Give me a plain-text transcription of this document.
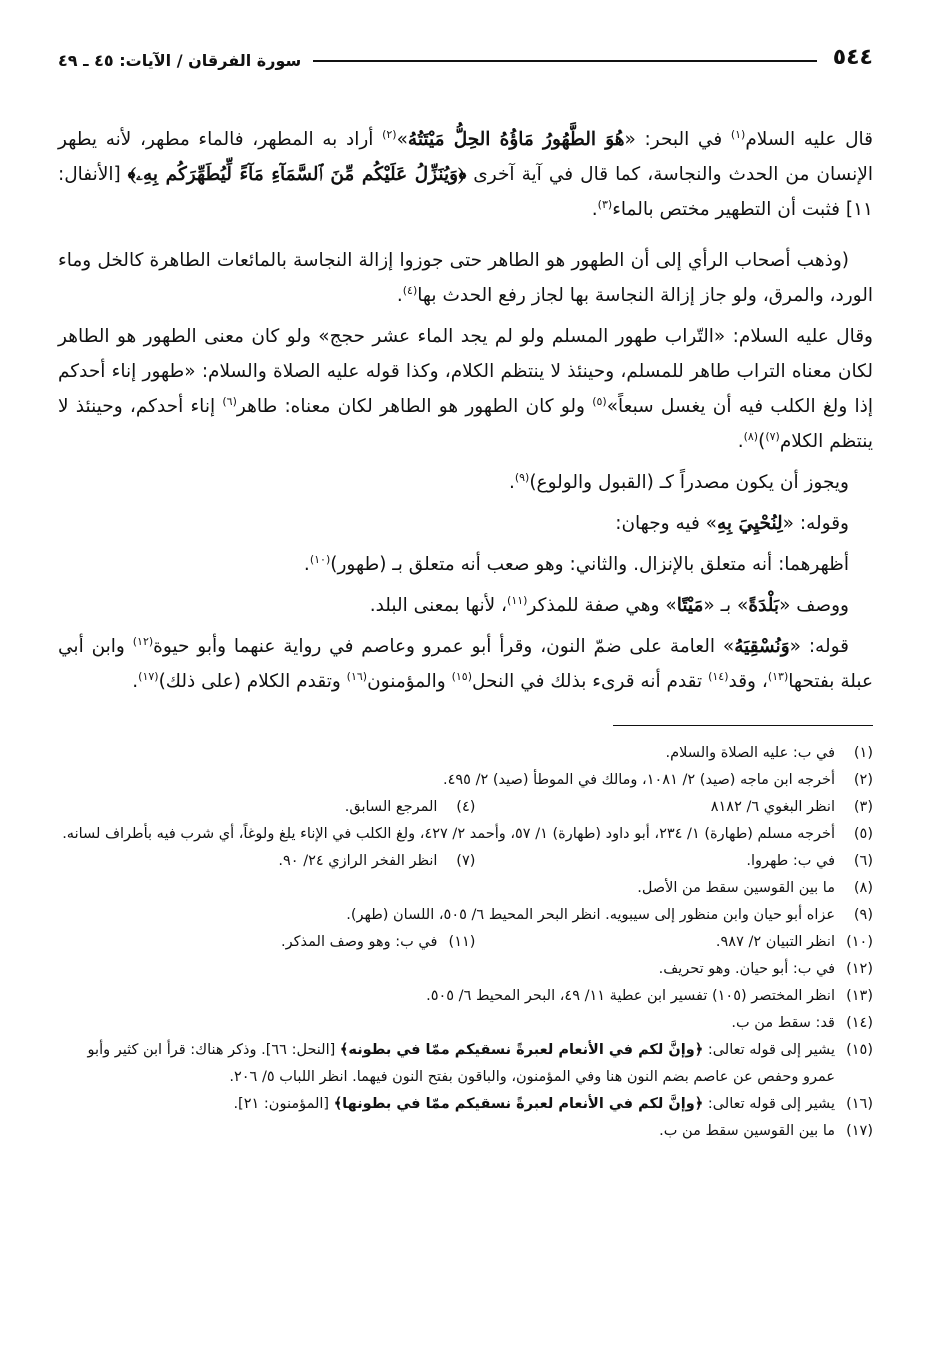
٥٤٤
سورة الفرقان / الآيات: ٤٥ ـ ٤٩

قال عليه السلام$^{(١)}$ في البحر: «هُوَ الطَّهُورُ مَاؤُهُ الحِلُّ مَيْتَتُهُ»$^{(٢)}$ أراد به المطهر، فالماء مطهر، لأنه يطهر الإنسان من الحدث والنجاسة، كما قال في آية آخرى ﴿وَيُنَزِّلُ عَلَيْكُم مِّنَ ٱلسَّمَآءِ مَآءً لِّيُطَهِّرَكُم بِهِۦ﴾ [الأنفال: ١١] فثبت أن التطهير مختص بالماء$^{(٣)}$.

(وذهب أصحاب الرأي إلى أن الطهور هو الطاهر حتى جوزوا إزالة النجاسة بالمائعات الطاهرة كالخل وماء الورد، والمرق، ولو جاز إزالة النجاسة بها لجاز رفع الحدث بها$^{(٤)}$.

وقال عليه السلام: «التّراب طهور المسلم ولو لم يجد الماء عشر حجج» ولو كان معنى الطهور هو الطاهر لكان معناه التراب طاهر للمسلم، وحينئذ لا ينتظم الكلام، وكذا قوله عليه الصلاة والسلام: «طهور إناء أحدكم إذا ولغ الكلب فيه أن يغسل سبعاً»$^{(٥)}$ ولو كان الطهور هو الطاهر لكان معناه: طاهر$^{(٦)}$ إناء أحدكم، وحينئذ لا ينتظم الكلام$^{(٧)}$)$^{(٨)}$.

ويجوز أن يكون مصدراً كـ (القبول والولوع)$^{(٩)}$.

وقوله: «لِنُحْيِيَ بِهِ» فيه وجهان:

أظهرهما: أنه متعلق بالإنزال. والثاني: وهو صعب أنه متعلق بـ (طهور)$^{(١٠)}$.

ووصف «بَلْدَةً» بـ «مَيْتًا» وهي صفة للمذكر$^{(١١)}$، لأنها بمعنى البلد.

قوله: «وَنُسْقِيَهُ» العامة على ضمّ النون، وقرأ أبو عمرو وعاصم في رواية عنهما وأبو حيوة$^{(١٢)}$ وابن أبي عبلة بفتحها$^{(١٣)}$، وقد$^{(١٤)}$ تقدم أنه قرىء بذلك في النحل$^{(١٥)}$ والمؤمنون$^{(١٦)}$ وتقدم الكلام (على ذلك)$^{(١٧)}$.

(١)
في ب: عليه الصلاة والسلام.
(٢)
أخرجه ابن ماجه (صيد) ٢/ ١٠٨١، ومالك في الموطأ (صيد) ٢/ ٤٩٥.
(٣)
انظر البغوي ٦/ ٨١٨٢
(٤)
المرجع السابق.
(٥)
أخرجه مسلم (طهارة) ١/ ٢٣٤، أبو داود (طهارة) ١/ ٥٧، وأحمد ٢/ ٤٢٧، ولغ الكلب في الإناء يلغ ولوغاً، أي شرب فيه بأطراف لسانه.
(٦)
في ب: طهروا.
(٧)
انظر الفخر الرازي ٢٤/ ٩٠.
(٨)
ما بين القوسين سقط من الأصل.
(٩)
عزاه أبو حيان وابن منظور إلى سيبويه. انظر البحر المحيط ٦/ ٥٠٥، اللسان (طهر).
(١٠)
انظر التبيان ٢/ ٩٨٧.
(١١)
في ب: وهو وصف المذكر.
(١٢)
في ب: أبو حيان. وهو تحريف.
(١٣)
انظر المختصر (١٠٥) تفسير ابن عطية ١١/ ٤٩، البحر المحيط ٦/ ٥٠٥.
(١٤)
قد: سقط من ب.
(١٥)
يشير إلى قوله تعالى: ﴿وإنَّ لكم في الأنعام لعبرةً نسقيكم ممّا في بطونه﴾ [النحل: ٦٦]. وذكر هناك: قرأ ابن كثير وأبو عمرو وحفص عن عاصم بضم النون هنا وفي المؤمنون، والباقون بفتح النون فيهما. انظر اللباب ٥/ ٢٠٦.
(١٦)
يشير إلى قوله تعالى: ﴿وإنَّ لكم في الأنعام لعبرةً نسقيكم ممّا في بطونها﴾ [المؤمنون: ٢١].
(١٧)
ما بين القوسين سقط من ب.
